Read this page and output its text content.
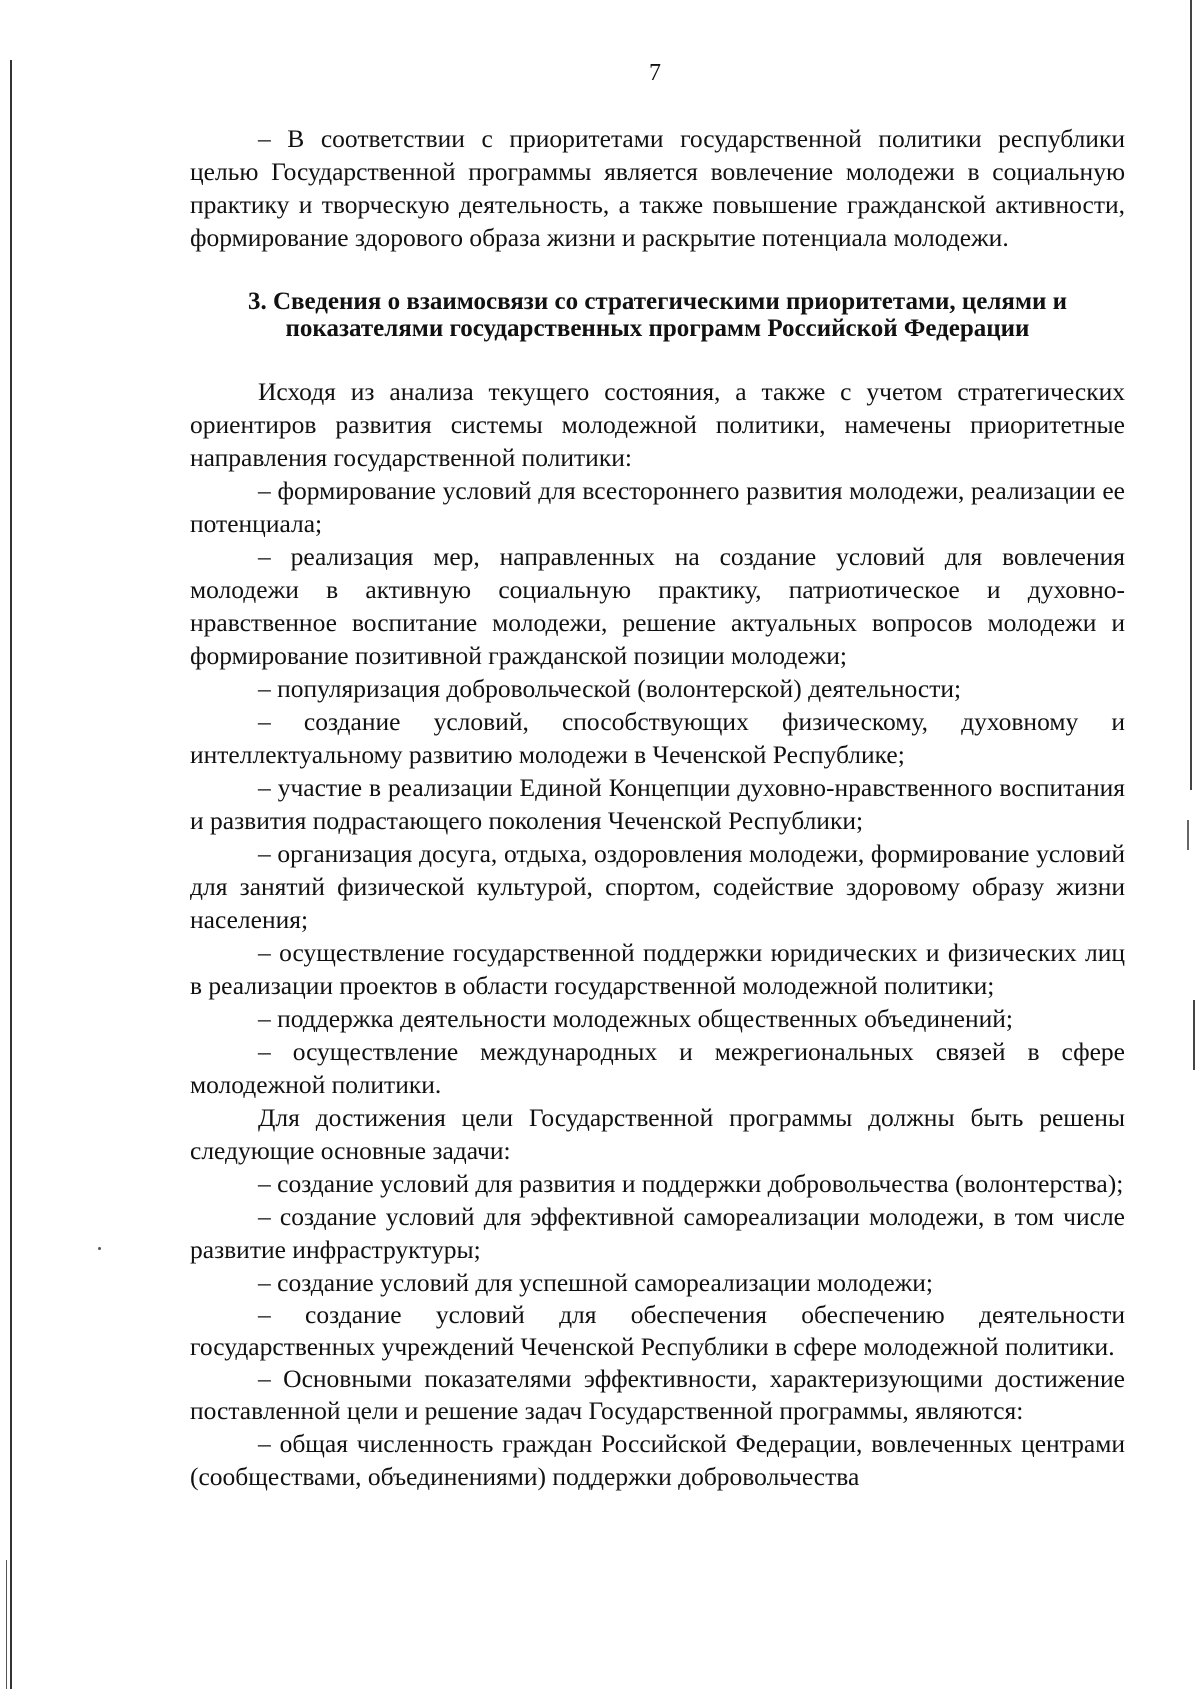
7

– В соответствии с приоритетами государственной политики республики целью Государственной программы является вовлечение молодежи в социальную практику и творческую деятельность, а также повышение гражданской активности, формирование здорового образа жизни и раскрытие потенциала молодежи.

3. Сведения о взаимосвязи со стратегическими приоритетами, целями и

показателями государственных программ Российской Федерации

Исходя из анализа текущего состояния, а также с учетом стратегических ориентиров развития системы молодежной политики, намечены приоритетные направления государственной политики:

– формирование условий для всестороннего развития молодежи, реализации ее потенциала;

– реализация мер, направленных на создание условий для вовлечения молодежи в активную социальную практику, патриотическое и духовно-нравственное воспитание молодежи, решение актуальных вопросов молодежи и формирование позитивной гражданской позиции молодежи;

– популяризация добровольческой (волонтерской) деятельности;

– создание условий, способствующих физическому, духовному и интеллектуальному развитию молодежи в Чеченской Республике;

– участие в реализации Единой Концепции духовно-нравственного воспитания и развития подрастающего поколения Чеченской Республики;

– организация досуга, отдыха, оздоровления молодежи, формирование условий для занятий физической культурой, спортом, содействие здоровому образу жизни населения;

– осуществление государственной поддержки юридических и физических лиц в реализации проектов в области государственной молодежной политики;

– поддержка деятельности молодежных общественных объединений;

– осуществление международных и межрегиональных связей в сфере молодежной политики.

Для достижения цели Государственной программы должны быть решены следующие основные задачи:

– создание условий для развития и поддержки добровольчества (волонтерства);

– создание условий для эффективной самореализации молодежи, в том числе развитие инфраструктуры;

– создание условий для успешной самореализации молодежи;

– создание условий для обеспечения обеспечению деятельности государственных учреждений Чеченской Республики в сфере молодежной политики.

– Основными показателями эффективности, характеризующими достижение поставленной цели и решение задач Государственной программы, являются:

– общая численность граждан Российской Федерации, вовлеченных центрами (сообществами, объединениями) поддержки добровольчества
